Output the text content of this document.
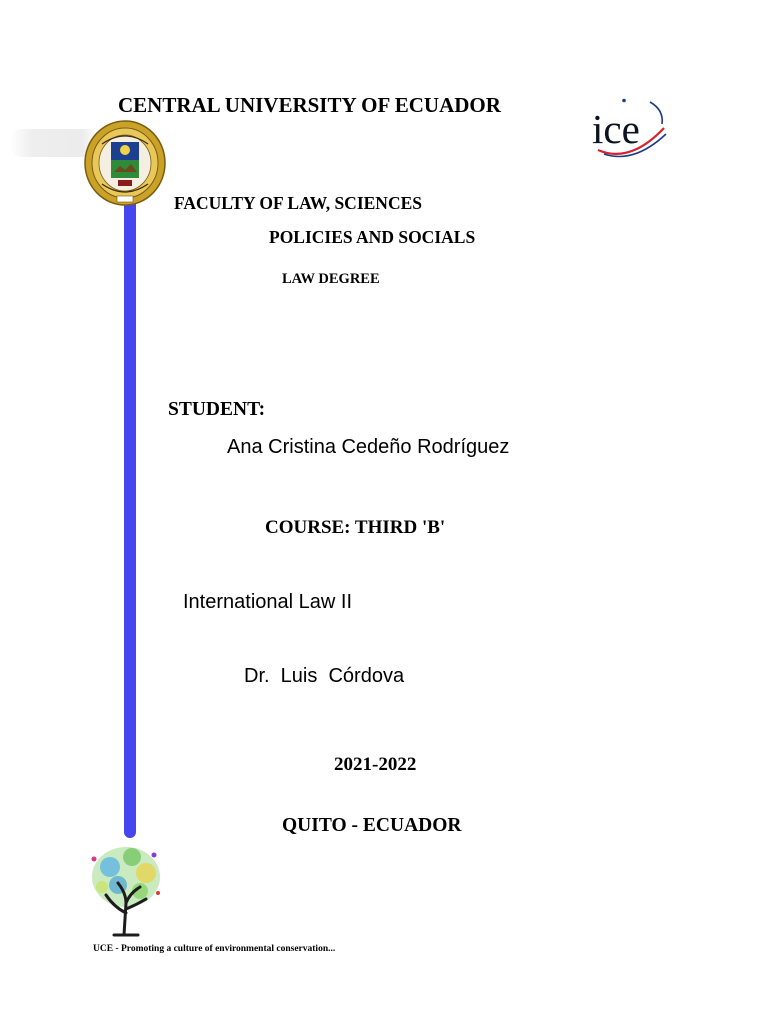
ice
CENTRAL UNIVERSITY OF ECUADOR
FACULTY OF LAW, SCIENCES
POLICIES AND SOCIALS
LAW DEGREE
STUDENT:
Ana Cristina Cedeño Rodríguez
COURSE: THIRD 'B'
International Law II
Dr.  Luis  Córdova
2021-2022
QUITO - ECUADOR
UCE - Promoting a culture of environmental conservation...
